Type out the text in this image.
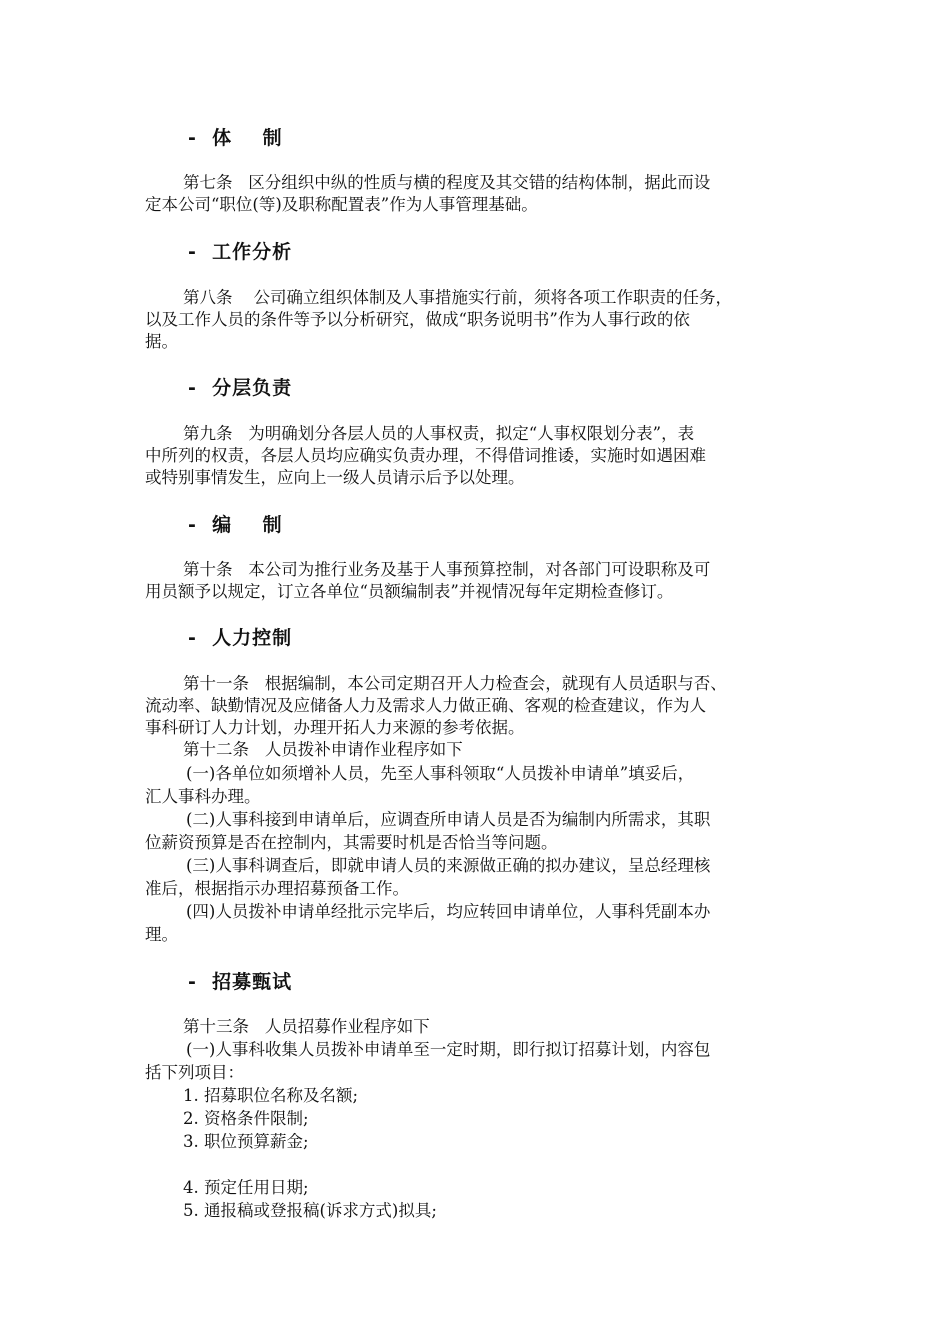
-  体    制
第七条   区分组织中纵的性质与横的程度及其交错的结构体制，据此而设
定本公司“职位(等)及职称配置表”作为人事管理基础。
-  工作分析
第八条    公司确立组织体制及人事措施实行前，须将各项工作职责的任务，
以及工作人员的条件等予以分析研究，做成“职务说明书”作为人事行政的依
据。
-  分层负责
第九条   为明确划分各层人员的人事权责，拟定“人事权限划分表”，表
中所列的权责，各层人员均应确实负责办理，不得借词推诿，实施时如遇困难
或特别事情发生，应向上一级人员请示后予以处理。
-  编    制
第十条   本公司为推行业务及基于人事预算控制，对各部门可设职称及可
用员额予以规定，订立各单位“员额编制表”并视情况每年定期检查修订。
-  人力控制
第十一条   根据编制，本公司定期召开人力检查会，就现有人员适职与否、
流动率、缺勤情况及应储备人力及需求人力做正确、客观的检查建议，作为人
事科研订人力计划，办理开拓人力来源的参考依据。
第十二条   人员拨补申请作业程序如下
(一)各单位如须增补人员，先至人事科领取“人员拨补申请单”填妥后，
汇人事科办理。
(二)人事科接到申请单后，应调查所申请人员是否为编制内所需求，其职
位薪资预算是否在控制内，其需要时机是否恰当等问题。
(三)人事科调查后，即就申请人员的来源做正确的拟办建议，呈总经理核
准后，根据指示办理招募预备工作。
(四)人员拨补申请单经批示完毕后，均应转回申请单位，人事科凭副本办
理。
-  招募甄试
第十三条   人员招募作业程序如下
(一)人事科收集人员拨补申请单至一定时期，即行拟订招募计划，内容包
括下列项目：
1. 招募职位名称及名额;
2. 资格条件限制;
3. 职位预算薪金;
4. 预定任用日期;
5. 通报稿或登报稿(诉求方式)拟具;
